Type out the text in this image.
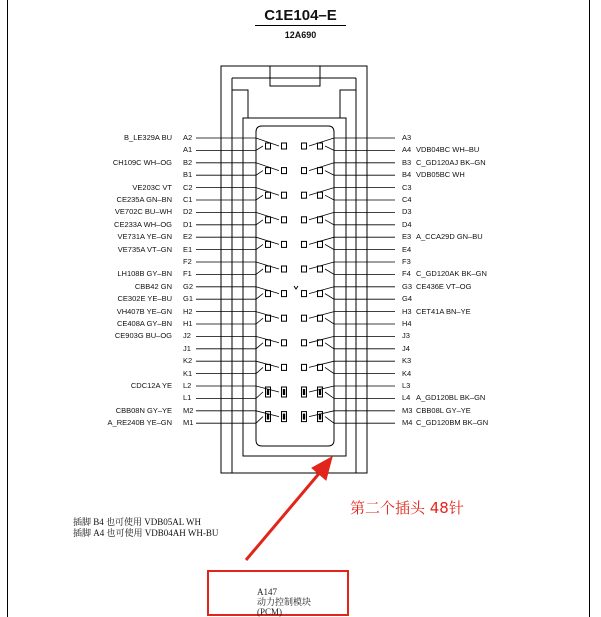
C1E104–E
12A690
B_LE329A BU A2
A1
CH109C WH–OG B2
B1
VE203C VT C2
CE235A GN–BN C1
VE702C BU–WH D2
CE233A WH–OG D1
VE731A YE–GN E2
VE735A VT–GN E1
F2
LH108B GY–BN F1
CBB42 GN G2
CE302E YE–BU G1
VH407B YE–GN H2
CE408A GY–BN H1
CE903G BU–OG J2
J1
K2
K1
CDC12A YE L2
L1
CBB08N GY–YE M2
A_RE240B YE–GN M1
A3
A4 VDB04BC WH–BU
B3 C_GD120AJ BK–GN
B4 VDB05BC WH
C3
C4
D3
D4
E3 A_CCA29D GN–BU
E4
F3
F4 C_GD120AK BK–GN
G3 CE436E VT–OG
G4
H3 CET41A BN–YE
H4
J3
J4
K3
K4
L3
L4 A_GD120BL BK–GN
M3 CBB08L GY–YE
M4 C_GD120BM BK–GN
插脚 B4 也可使用 VDB05AL WH
插脚 A4 也可使用 VDB04AH WH-BU
第二个插头 48针
A147
动力控制模块
(PCM)
